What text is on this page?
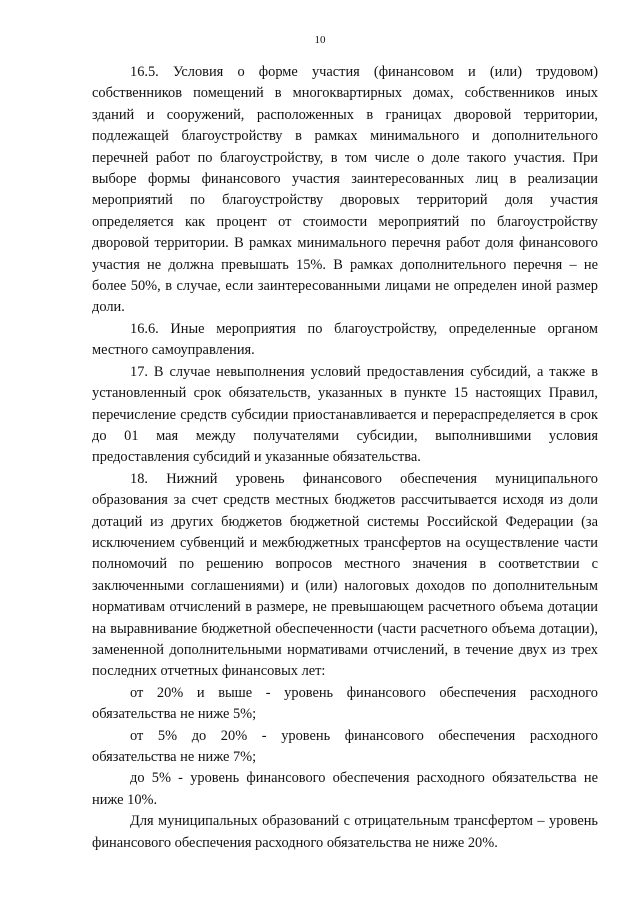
10

16.5. Условия о форме участия (финансовом и (или) трудовом) собственников помещений в многоквартирных домах, собственников иных зданий и сооружений, расположенных в границах дворовой территории, подлежащей благоустройству в рамках минимального и дополнительного перечней работ по благоустройству, в том числе о доле такого участия. При выборе формы финансового участия заинтересованных лиц в реализации мероприятий по благоустройству дворовых территорий доля участия определяется как процент от стоимости мероприятий по благоустройству дворовой территории. В рамках минимального перечня работ доля финансового участия не должна превышать 15%. В рамках дополнительного перечня – не более 50%, в случае, если заинтересованными лицами не определен иной размер доли.

16.6. Иные мероприятия по благоустройству, определенные органом местного самоуправления.

17. В случае невыполнения условий предоставления субсидий, а также в установленный срок обязательств, указанных в пункте 15 настоящих Правил, перечисление средств субсидии приостанавливается и перераспределяется в срок до 01 мая между получателями субсидии, выполнившими условия предоставления субсидий и указанные обязательства.

18. Нижний уровень финансового обеспечения муниципального образования за счет средств местных бюджетов рассчитывается исходя из доли дотаций из других бюджетов бюджетной системы Российской Федерации (за исключением субвенций и межбюджетных трансфертов на осуществление части полномочий по решению вопросов местного значения в соответствии с заключенными соглашениями) и (или) налоговых доходов по дополнительным нормативам отчислений в размере, не превышающем расчетного объема дотации на выравнивание бюджетной обеспеченности (части расчетного объема дотации), замененной дополнительными нормативами отчислений, в течение двух из трех последних отчетных финансовых лет:

от 20% и выше - уровень финансового обеспечения расходного обязательства не ниже 5%;

от 5% до 20% - уровень финансового обеспечения расходного обязательства не ниже 7%;

до 5% - уровень финансового обеспечения расходного обязательства не ниже 10%.

Для муниципальных образований с отрицательным трансфертом – уровень финансового обеспечения расходного обязательства не ниже 20%.
